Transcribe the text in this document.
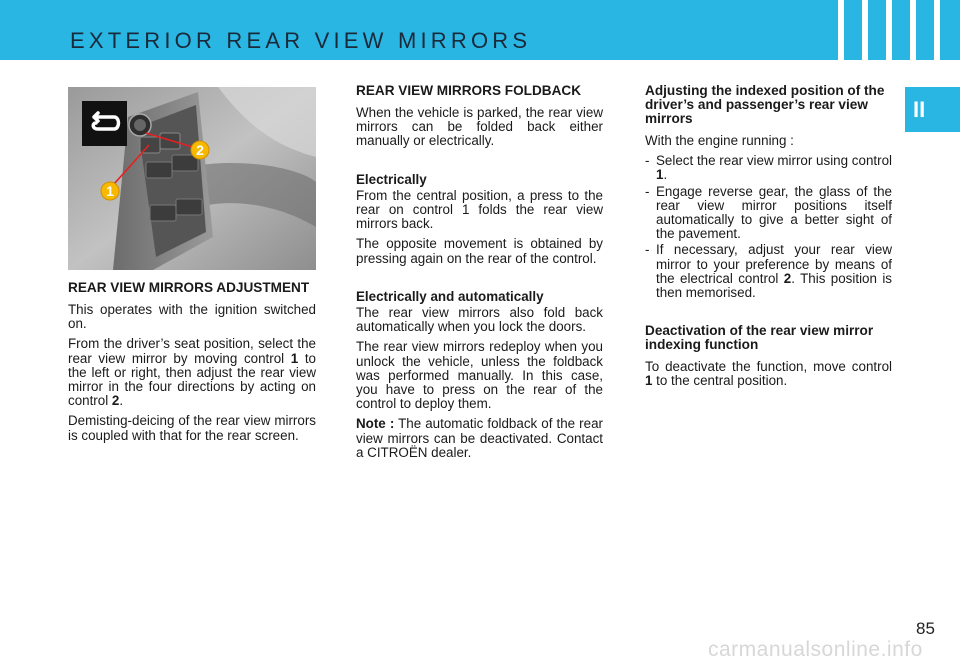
EXTERIOR REAR VIEW MIRRORS
II
2
1
REAR VIEW MIRRORS ADJUSTMENT

This operates with the ignition switched on.

From the driver’s seat position, select the rear view mirror by moving control 1 to the left or right, then adjust the rear view mirror in the four directions by acting on control 2.

Demisting-deicing of the rear view mirrors is coupled with that for the rear screen.

REAR VIEW MIRRORS FOLDBACK

When the vehicle is parked, the rear view mirrors can be folded back either manually or electrically.

Electrically

From the central position, a press to the rear on control 1 folds the rear view mirrors back.

The opposite movement is obtained by pressing again on the rear of the control.

Electrically and automatically

The rear view mirrors also fold back automatically when you lock the doors.

The rear view mirrors redeploy when you unlock the vehicle, unless the foldback was performed manually. In this case, you have to press on the rear of the control to deploy them.

Note : The automatic foldback of the rear view mirrors can be deactivated. Contact a CITROËN dealer.

Adjusting the indexed position of the driver’s and passenger’s rear view mirrors

With the engine running :

- Select the rear view mirror using control 1.
- Engage reverse gear, the glass of the rear view mirror positions itself automatically to give a better sight of the pavement.
- If necessary, adjust your rear view mirror to your preference by means of the electrical control 2. This position is then memorised.
Deactivation of the rear view mirror indexing function

To deactivate the function, move control 1 to the central position.

85
carmanualsonline.info
